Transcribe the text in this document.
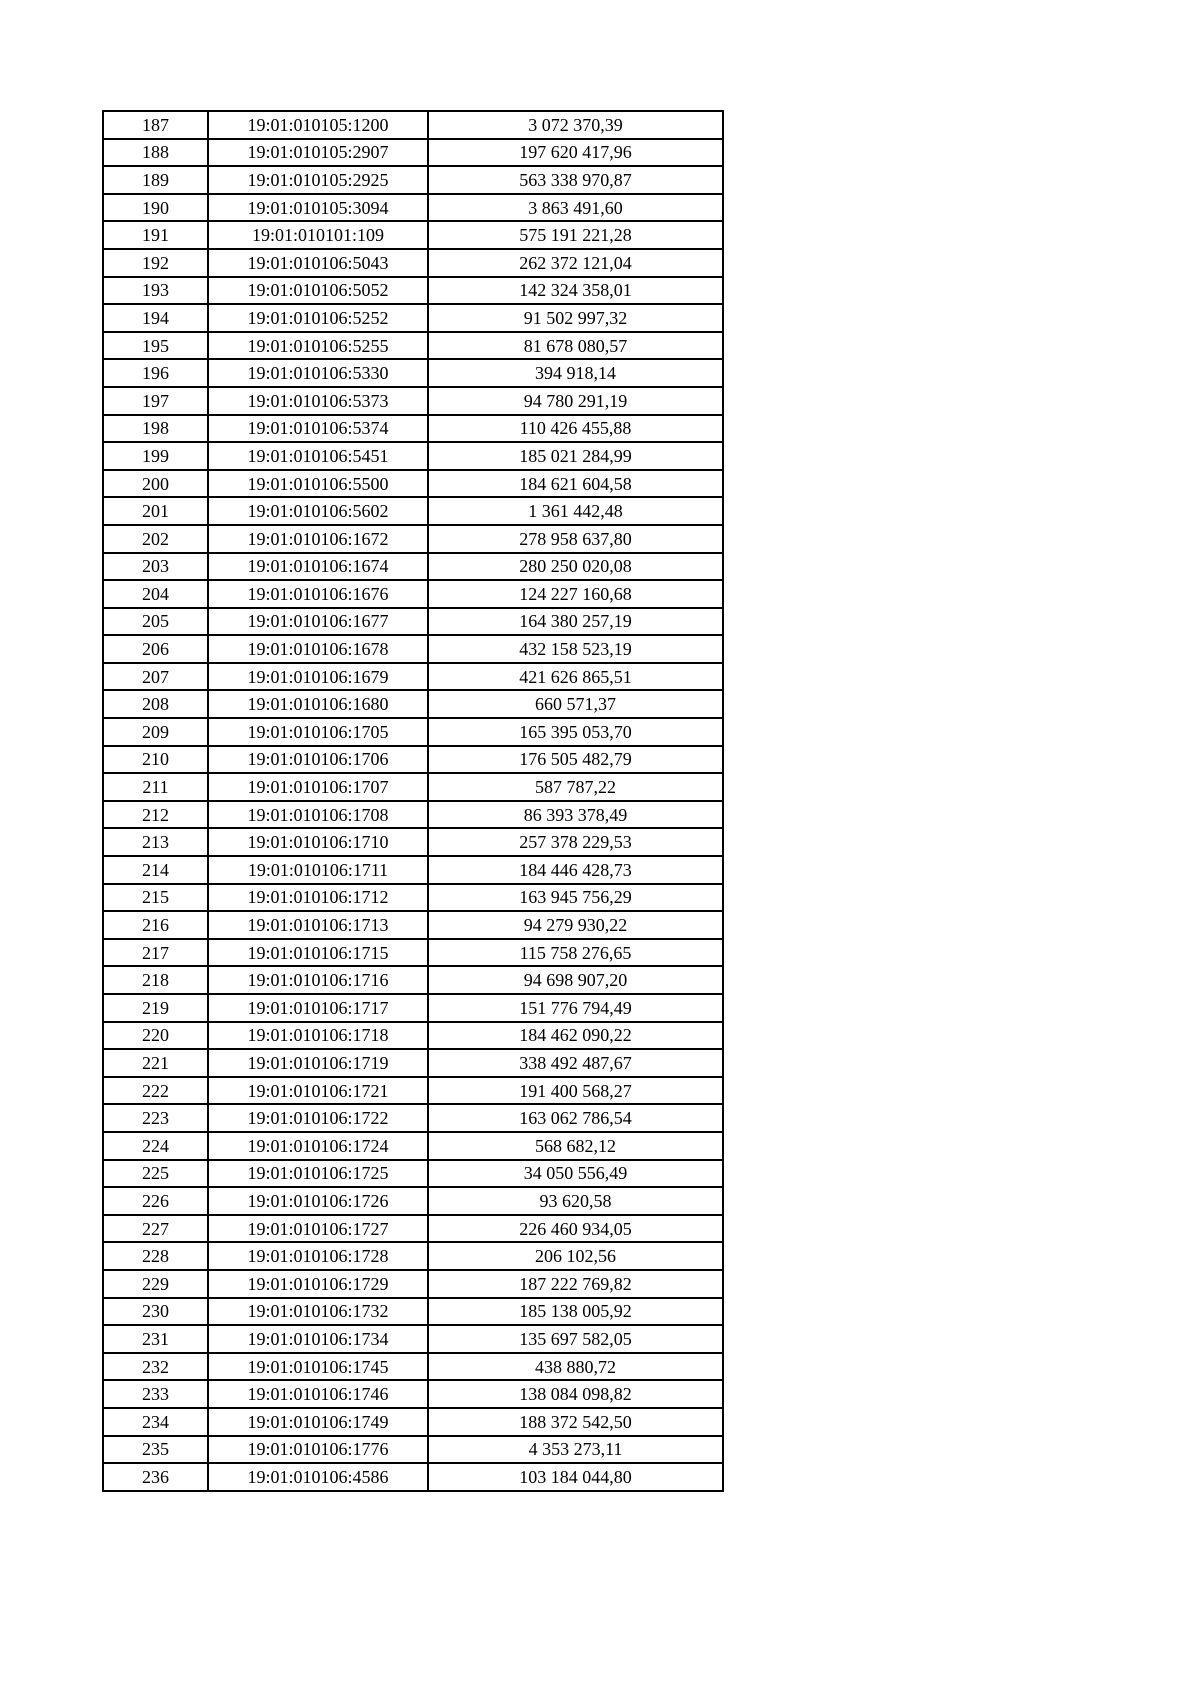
187	19:01:010105:1200	3 072 370,39
188	19:01:010105:2907	197 620 417,96
189	19:01:010105:2925	563 338 970,87
190	19:01:010105:3094	3 863 491,60
191	19:01:010101:109	575 191 221,28
192	19:01:010106:5043	262 372 121,04
193	19:01:010106:5052	142 324 358,01
194	19:01:010106:5252	91 502 997,32
195	19:01:010106:5255	81 678 080,57
196	19:01:010106:5330	394 918,14
197	19:01:010106:5373	94 780 291,19
198	19:01:010106:5374	110 426 455,88
199	19:01:010106:5451	185 021 284,99
200	19:01:010106:5500	184 621 604,58
201	19:01:010106:5602	1 361 442,48
202	19:01:010106:1672	278 958 637,80
203	19:01:010106:1674	280 250 020,08
204	19:01:010106:1676	124 227 160,68
205	19:01:010106:1677	164 380 257,19
206	19:01:010106:1678	432 158 523,19
207	19:01:010106:1679	421 626 865,51
208	19:01:010106:1680	660 571,37
209	19:01:010106:1705	165 395 053,70
210	19:01:010106:1706	176 505 482,79
211	19:01:010106:1707	587 787,22
212	19:01:010106:1708	86 393 378,49
213	19:01:010106:1710	257 378 229,53
214	19:01:010106:1711	184 446 428,73
215	19:01:010106:1712	163 945 756,29
216	19:01:010106:1713	94 279 930,22
217	19:01:010106:1715	115 758 276,65
218	19:01:010106:1716	94 698 907,20
219	19:01:010106:1717	151 776 794,49
220	19:01:010106:1718	184 462 090,22
221	19:01:010106:1719	338 492 487,67
222	19:01:010106:1721	191 400 568,27
223	19:01:010106:1722	163 062 786,54
224	19:01:010106:1724	568 682,12
225	19:01:010106:1725	34 050 556,49
226	19:01:010106:1726	93 620,58
227	19:01:010106:1727	226 460 934,05
228	19:01:010106:1728	206 102,56
229	19:01:010106:1729	187 222 769,82
230	19:01:010106:1732	185 138 005,92
231	19:01:010106:1734	135 697 582,05
232	19:01:010106:1745	438 880,72
233	19:01:010106:1746	138 084 098,82
234	19:01:010106:1749	188 372 542,50
235	19:01:010106:1776	4 353 273,11
236	19:01:010106:4586	103 184 044,80
